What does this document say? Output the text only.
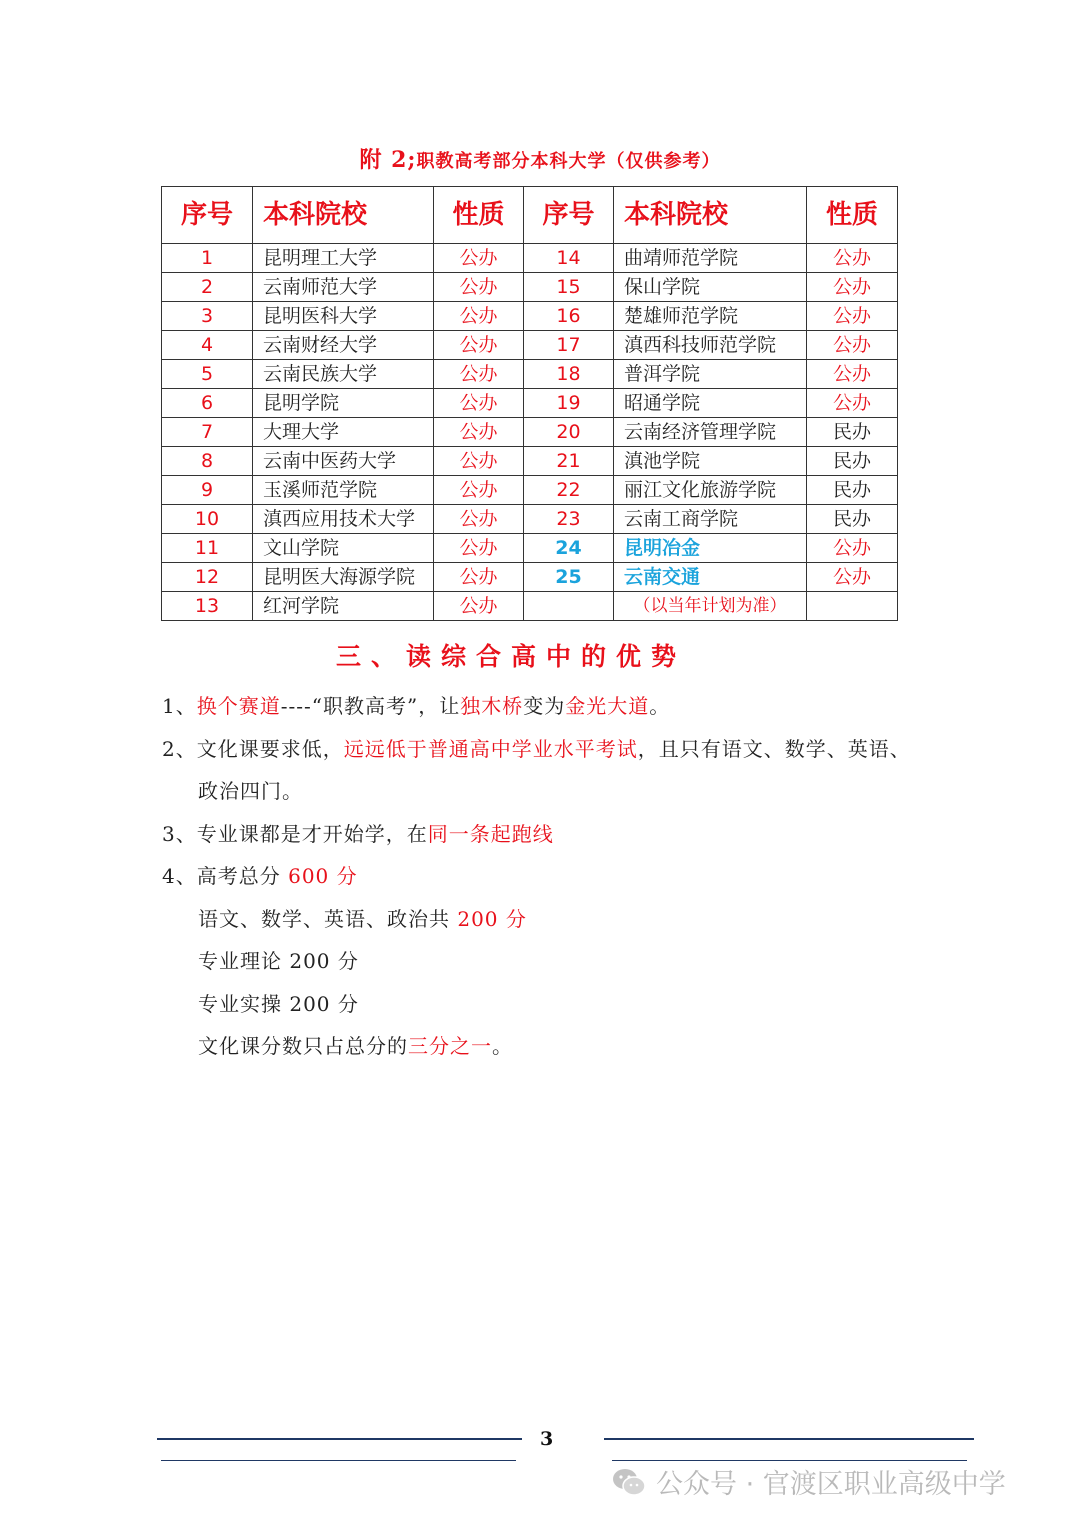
附 2;职教高考部分本科大学（仅供参考）
序号	本科院校	性质	序号	本科院校	性质
1	昆明理工大学	公办	14	曲靖师范学院	公办
2	云南师范大学	公办	15	保山学院	公办
3	昆明医科大学	公办	16	楚雄师范学院	公办
4	云南财经大学	公办	17	滇西科技师范学院	公办
5	云南民族大学	公办	18	普洱学院	公办
6	昆明学院	公办	19	昭通学院	公办
7	大理大学	公办	20	云南经济管理学院	民办
8	云南中医药大学	公办	21	滇池学院	民办
9	玉溪师范学院	公办	22	丽江文化旅游学院	民办
10	滇西应用技术大学	公办	23	云南工商学院	民办
11	文山学院	公办	24	昆明冶金	公办
12	昆明医大海源学院	公办	25	云南交通	公办
13	红河学院	公办		（以当年计划为准）	
三、读综合高中的优势
1、换个赛道----“职教高考”，让独木桥变为金光大道。
2、文化课要求低，远远低于普通高中学业水平考试，且只有语文、数学、英语、
政治四门。
3、专业课都是才开始学，在同一条起跑线
4、高考总分 600 分
语文、数学、英语、政治共 200 分
专业理论 200 分
专业实操 200 分
文化课分数只占总分的三分之一。
3
公众号 · 官渡区职业高级中学
